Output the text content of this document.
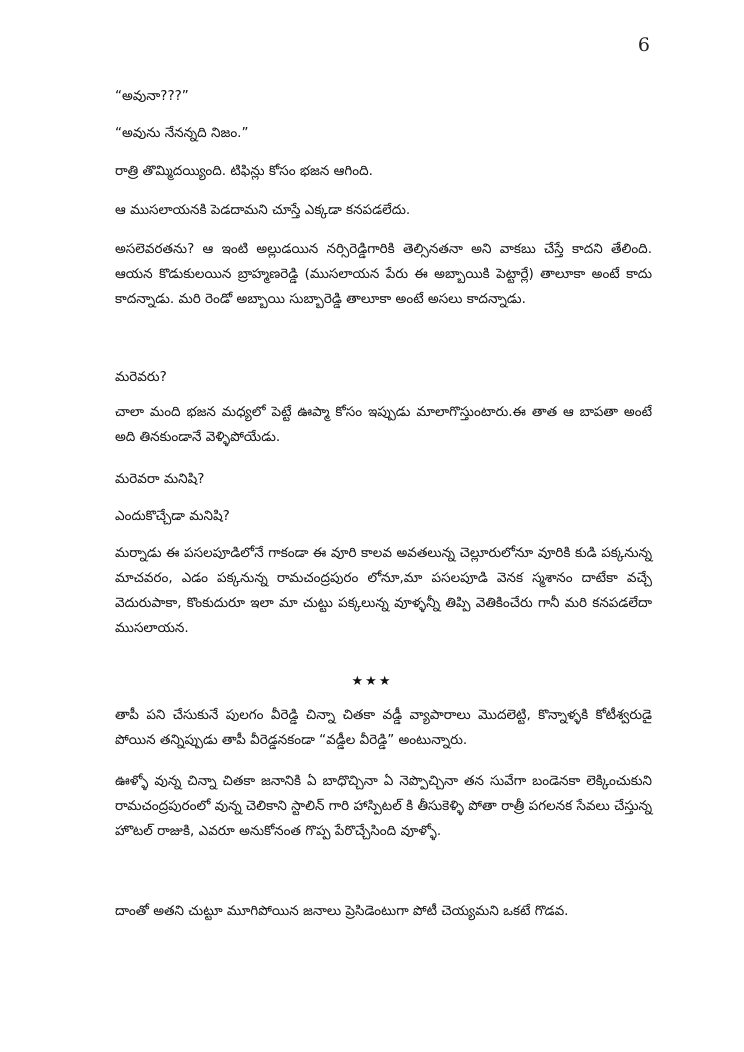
6

“అవునా???”

“అవును నేనన్నది నిజం.”

రాత్రి తొమ్మిదయ్యింది. టిఫిన్లు కోసం భజన ఆగింది.

ఆ ముసలాయనకి పెడదామని చూస్తే ఎక్కడా కనపడలేదు.

అసలెవరతను? ఆ ఇంటి అల్లుడయిన నర్సిరెడ్డిగారికి తెల్సినతనా అని వాకబు చేస్తే కాదని తేలింది. ఆయన కొడుకులయిన బ్రాహ్మణరెడ్డి (ముసలాయన పేరు ఈ అబ్బాయికి పెట్టార్లే) తాలూకా అంటే కాదు కాదన్నాడు. మరి రెండో అబ్బాయి సుబ్బారెడ్డి తాలూకా అంటే అసలు కాదన్నాడు.

మరెవరు?

చాలా మంది భజన మధ్యలో పెట్టే ఊప్మా కోసం ఇప్పుడు మాలాగొస్తుంటారు.ఈ తాత ఆ బాపతా అంటే అది తినకుండానే వెళ్ళిపోయేడు.

మరెవరా మనిషి?

ఎందుకొచ్చేడా మనిషి?

మర్నాడు ఈ పసలపూడిలోనే గాకండా ఈ వూరి కాలవ అవతలున్న చెల్లూరులోనూ వూరికి కుడి పక్కనున్న మాచవరం, ఎడం పక్కనున్న రామచంద్రపురం లోనూ,మా పసలపూడి వెనక స్మశానం దాటేకా వచ్చే వెదురుపాకా, కొంకుదురూ ఇలా మా చుట్టు పక్కలున్న వూళ్ళన్నీ తిప్పి వెతికించేరు గానీ మరి కనపడలేదా ముసలాయన.

★★★

తాపీ పని చేసుకునే పులగం వీరెడ్డి చిన్నా చితకా వడ్డీ వ్యాపారాలు మొదలెట్టి, కొన్నాళ్ళకి కోటీశ్వరుడై పోయిన తన్నిప్పుడు తాపీ వీరెడ్డనకండా “వడ్డీల వీరెడ్డి” అంటున్నారు.

ఊళ్ళో వున్న చిన్నా చితకా జనానికి ఏ బాధొచ్చినా ఏ నెప్పొచ్చినా తన సువేగా బండెనకా లెక్కించుకుని రామచంద్రపురంలో వున్న చెలికాని స్టాలిన్ గారి హాస్పిటల్ కి తీసుకెళ్ళి పోతా రాత్రీ పగలనక సేవలు చేస్తున్న హొటల్ రాజుకి, ఎవరూ అనుకోనంత గొప్ప పేరొచ్చేసింది వూళ్ళో.

దాంతో అతని చుట్టూ మూగిపోయిన జనాలు ప్రెసిడెంటుగా పోటీ చెయ్యమని ఒకటే గొడవ.
